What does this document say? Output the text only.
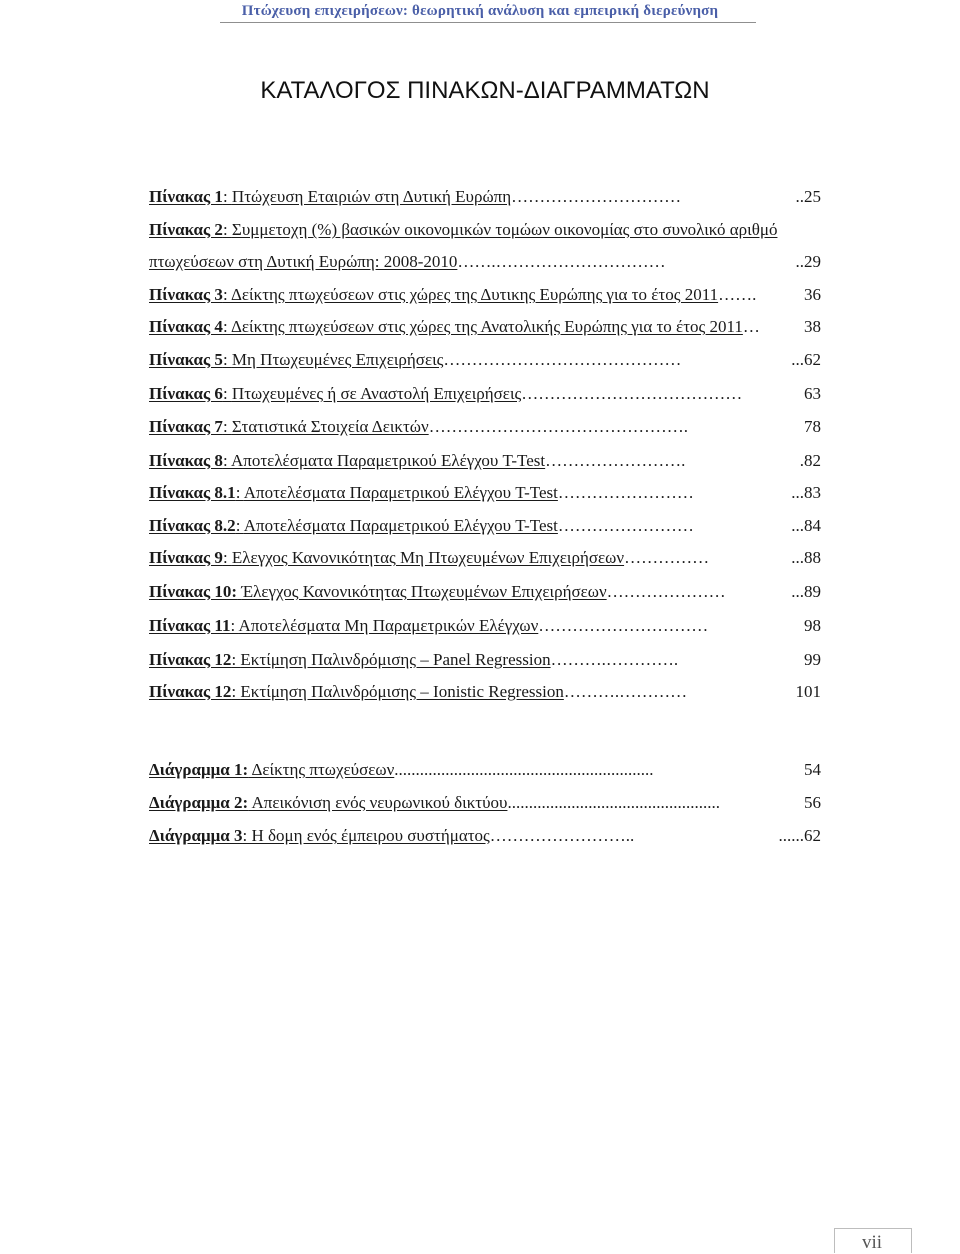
Πτώχευση επιχειρήσεων: θεωρητική ανάλυση και εμπειρική διερεύνηση
ΚΑΤΑΛΟΓΟΣ ΠΙΝΑΚΩΝ-ΔΙΑΓΡΑΜΜΑΤΩΝ
Πίνακας 1: Πτώχευση Εταιριών στη Δυτική Ευρώπη …………………………	..25
Πίνακας 2: Συμμετοχη (%) βασικών οικονομικών τομώων οικονομίας στο συνολικό αριθμό
πτωχεύσεων στη Δυτική Ευρώπη: 2008-2010 …….…………………………	..29
Πίνακας 3: Δείκτης πτωχεύσεων στις χώρες της Δυτικης Ευρώπης για το έτος 2011 …….	36
Πίνακας 4: Δείκτης πτωχεύσεων στις χώρες της Ανατολικής Ευρώπης για το έτος 2011 …	38
Πίνακας 5: Μη Πτωχευμένες Επιχειρήσεις ……………………………………	...62
Πίνακας 6: Πτωχευμένες ή σε Αναστολή Επιχειρήσεις …………………………………	63
Πίνακας 7: Στατιστικά Στοιχεία Δεικτών ……………………………………….	78
Πίνακας 8: Αποτελέσματα Παραμετρικού Ελέγχου T-Test …………………….	.82
Πίνακας 8.1: Αποτελέσματα Παραμετρικού Ελέγχου T-Test ……………………	...83
Πίνακας 8.2: Αποτελέσματα Παραμετρικού Ελέγχου T-Test ……………………	...84
Πίνακας 9: Ελεγχος Κανονικότητας Μη Πτωχευμένων Επιχειρήσεων ……………	...88
Πίνακας 10: Έλεγχος Κανονικότητας Πτωχευμένων Επιχειρήσεων …………………	...89
Πίνακας 11: Αποτελέσματα Μη Παραμετρικών Ελέγχων …………………………	98
Πίνακας 12: Εκτίμηση Παλινδρόμισης – Panel Regression ……….………….	99
Πίνακας 12: Εκτίμηση Παλινδρόμισης – Ionistic Regression ……….…………	101
Διάγραμμα 1: Δείκτης πτωχεύσεων .............................................................	54
Διάγραμμα 2: Απεικόνιση ενός νευρωνικού δικτύου ..................................................	56
Διάγραμμα 3: Η δομη ενός έμπειρου συστήματος ……………………..	......62
vii
